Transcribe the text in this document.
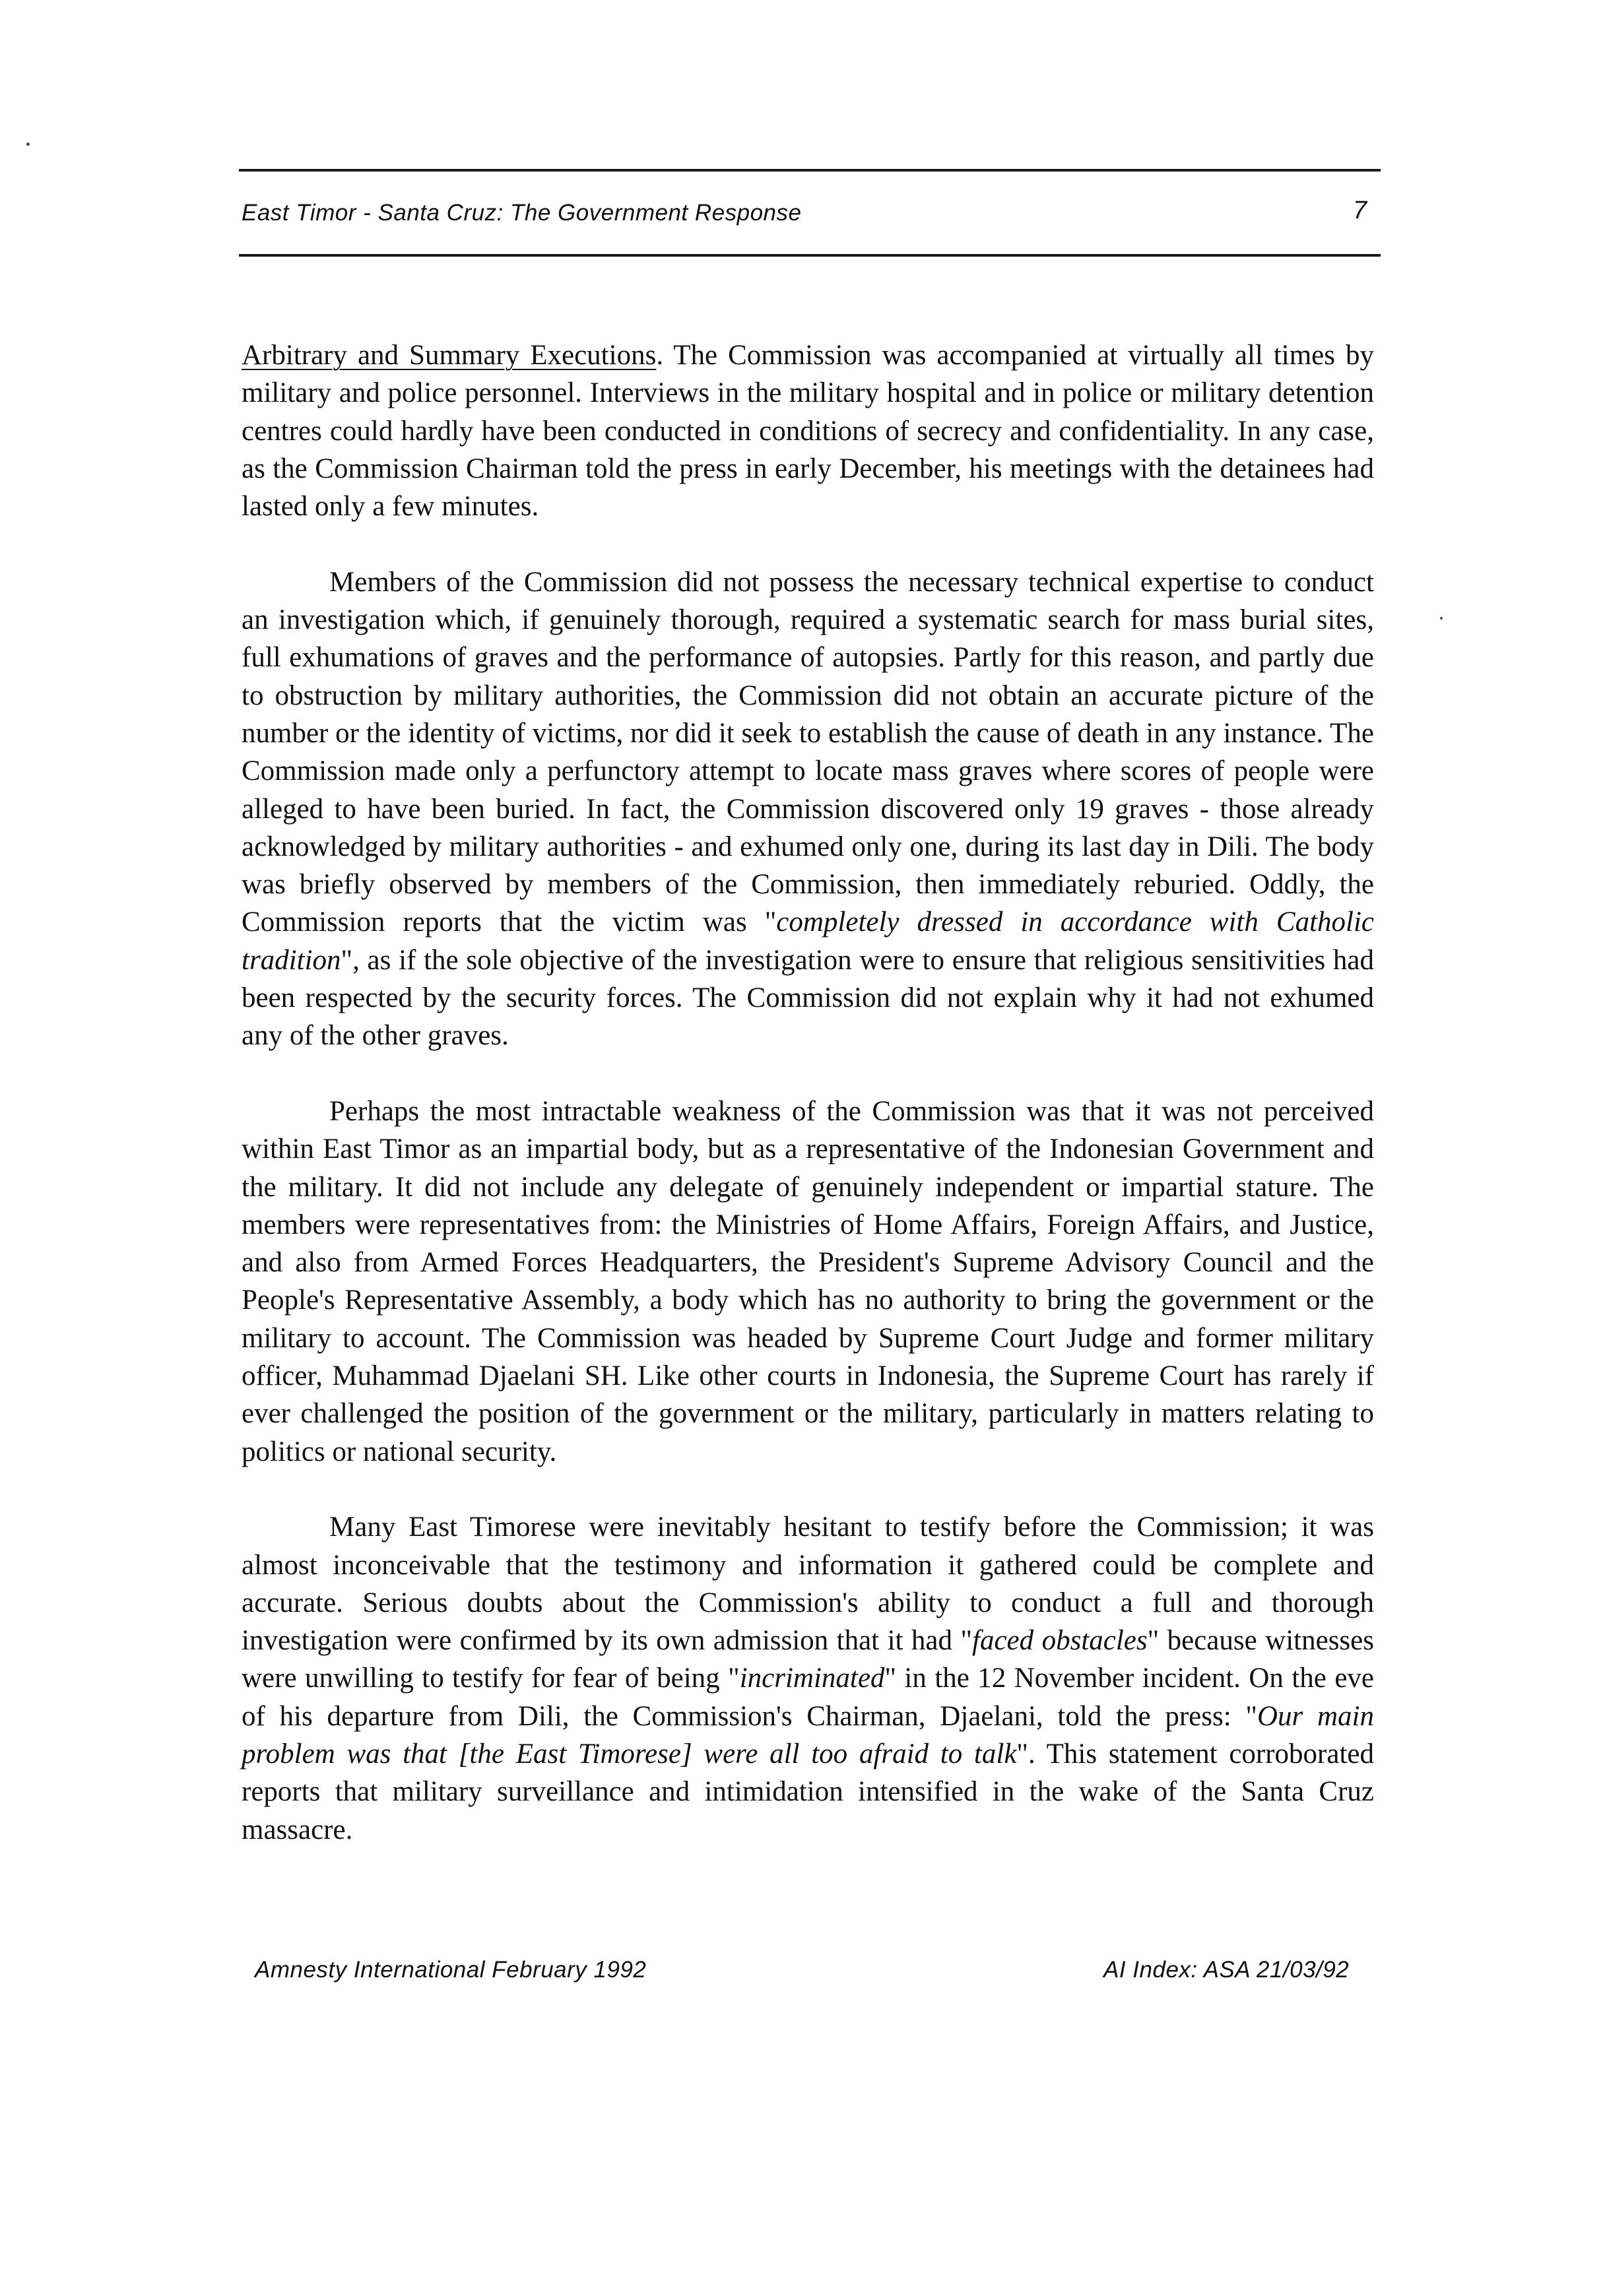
East Timor - Santa Cruz: The Government Response	7

Arbitrary and Summary Executions. The Commission was accompanied at virtually all times by military and police personnel. Interviews in the military hospital and in police or military detention centres could hardly have been conducted in conditions of secrecy and confidentiality. In any case, as the Commission Chairman told the press in early December, his meetings with the detainees had lasted only a few minutes.

Members of the Commission did not possess the necessary technical expertise to conduct an investigation which, if genuinely thorough, required a systematic search for mass burial sites, full exhumations of graves and the performance of autopsies. Partly for this reason, and partly due to obstruction by military authorities, the Commission did not obtain an accurate picture of the number or the identity of victims, nor did it seek to establish the cause of death in any instance. The Commission made only a perfunctory attempt to locate mass graves where scores of people were alleged to have been buried. In fact, the Commission discovered only 19 graves - those already acknowledged by military authorities - and exhumed only one, during its last day in Dili. The body was briefly observed by members of the Commission, then immediately reburied. Oddly, the Commission reports that the victim was "completely dressed in accordance with Catholic tradition", as if the sole objective of the investigation were to ensure that religious sensitivities had been respected by the security forces. The Commission did not explain why it had not exhumed any of the other graves.

Perhaps the most intractable weakness of the Commission was that it was not perceived within East Timor as an impartial body, but as a representative of the Indonesian Government and the military. It did not include any delegate of genuinely independent or impartial stature. The members were representatives from: the Ministries of Home Affairs, Foreign Affairs, and Justice, and also from Armed Forces Headquarters, the President's Supreme Advisory Council and the People's Representative Assembly, a body which has no authority to bring the government or the military to account. The Commission was headed by Supreme Court Judge and former military officer, Muhammad Djaelani SH. Like other courts in Indonesia, the Supreme Court has rarely if ever challenged the position of the government or the military, particularly in matters relating to politics or national security.

Many East Timorese were inevitably hesitant to testify before the Commission; it was almost inconceivable that the testimony and information it gathered could be complete and accurate. Serious doubts about the Commission's ability to conduct a full and thorough investigation were confirmed by its own admission that it had "faced obstacles" because witnesses were unwilling to testify for fear of being "incriminated" in the 12 November incident. On the eve of his departure from Dili, the Commission's Chairman, Djaelani, told the press: "Our main problem was that [the East Timorese] were all too afraid to talk". This statement corroborated reports that military surveillance and intimidation intensified in the wake of the Santa Cruz massacre.

Amnesty International February 1992	AI Index: ASA 21/03/92
